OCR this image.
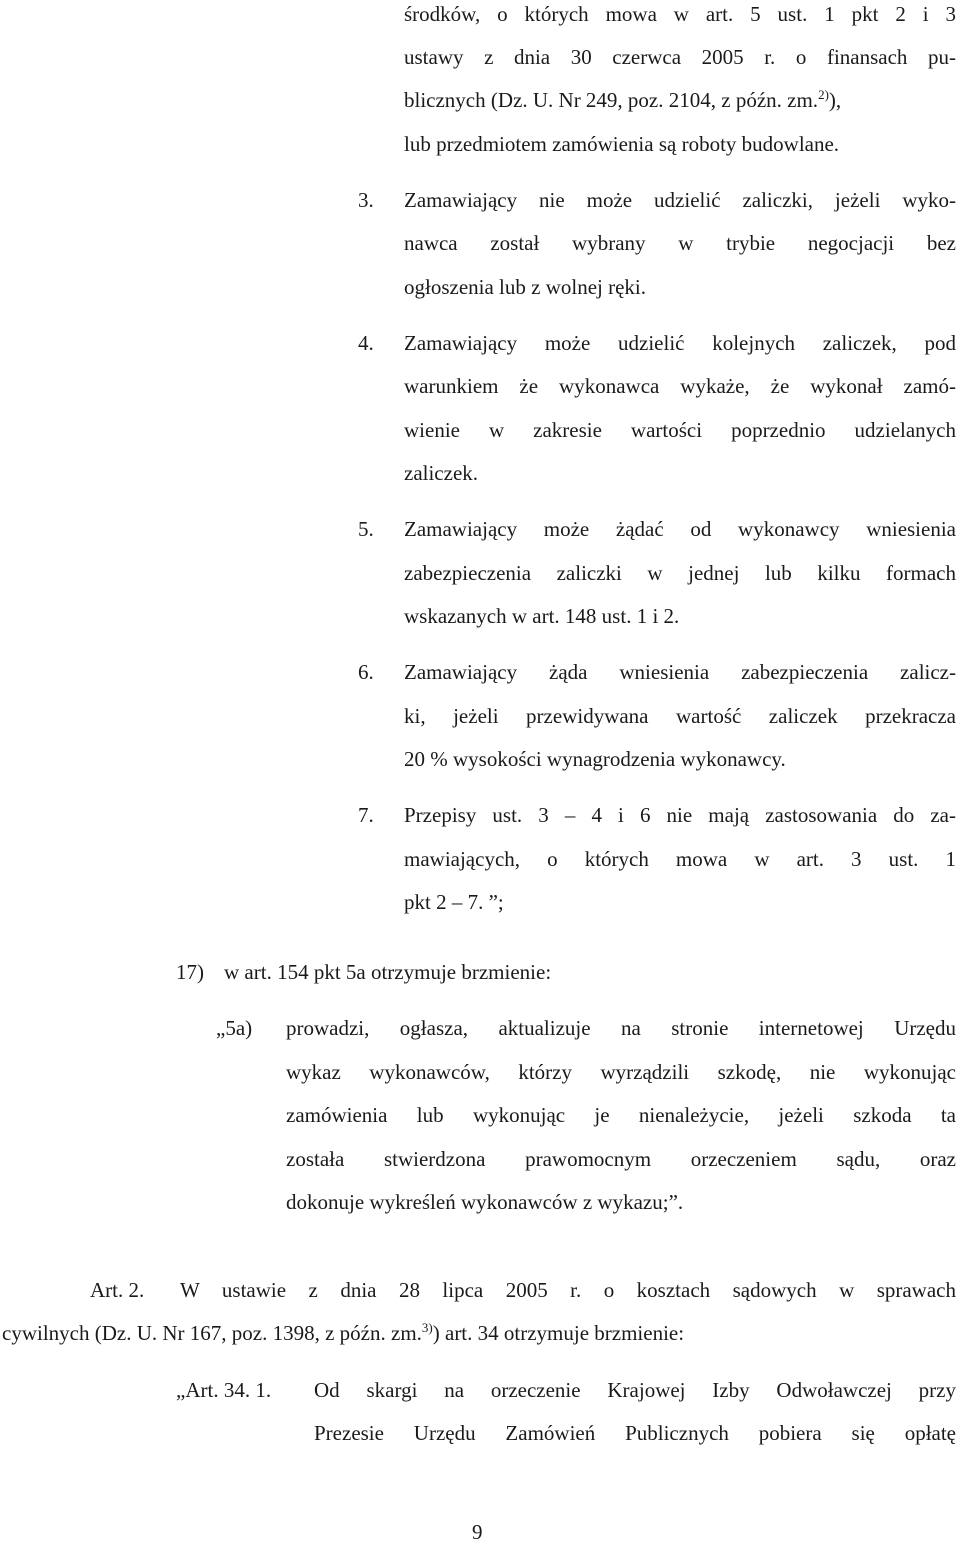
środków, o których mowa w art. 5 ust. 1 pkt 2 i 3
ustawy z dnia 30 czerwca 2005 r. o finansach pu-
blicznych (Dz. U. Nr 249, poz. 2104, z późn. zm.$^{2)}$),
lub przedmiotem zamówienia są roboty budowlane.
3. Zamawiający nie może udzielić zaliczki, jeżeli wyko-
nawca został wybrany w trybie negocjacji bez
ogłoszenia lub z wolnej ręki.
4. Zamawiający może udzielić kolejnych zaliczek, pod
warunkiem że wykonawca wykaże, że wykonał zamó-
wienie w zakresie wartości poprzednio udzielanych
zaliczek.
5. Zamawiający może żądać od wykonawcy wniesienia
zabezpieczenia zaliczki w jednej lub kilku formach
wskazanych w art. 148 ust. 1 i 2.
6. Zamawiający żąda wniesienia zabezpieczenia zalicz-
ki, jeżeli przewidywana wartość zaliczek przekracza
20 % wysokości wynagrodzenia wykonawcy.
7. Przepisy ust. 3 – 4 i 6 nie mają zastosowania do za-
mawiających, o których mowa w art. 3 ust. 1
pkt 2 – 7. ”;
17) w art. 154 pkt 5a otrzymuje brzmienie:
„5a) prowadzi, ogłasza, aktualizuje na stronie internetowej Urzędu
wykaz wykonawców, którzy wyrządzili szkodę, nie wykonując
zamówienia lub wykonując je nienależycie, jeżeli szkoda ta
została stwierdzona prawomocnym orzeczeniem sądu, oraz
dokonuje wykreśleń wykonawców z wykazu;”.
Art. 2. W ustawie z dnia 28 lipca 2005 r. o kosztach sądowych w sprawach
cywilnych (Dz. U. Nr 167, poz. 1398, z późn. zm.$^{3)}$) art. 34 otrzymuje brzmienie:
„Art. 34. 1. Od skargi na orzeczenie Krajowej Izby Odwoławczej przy
Prezesie Urzędu Zamówień Publicznych pobiera się opłatę
9
